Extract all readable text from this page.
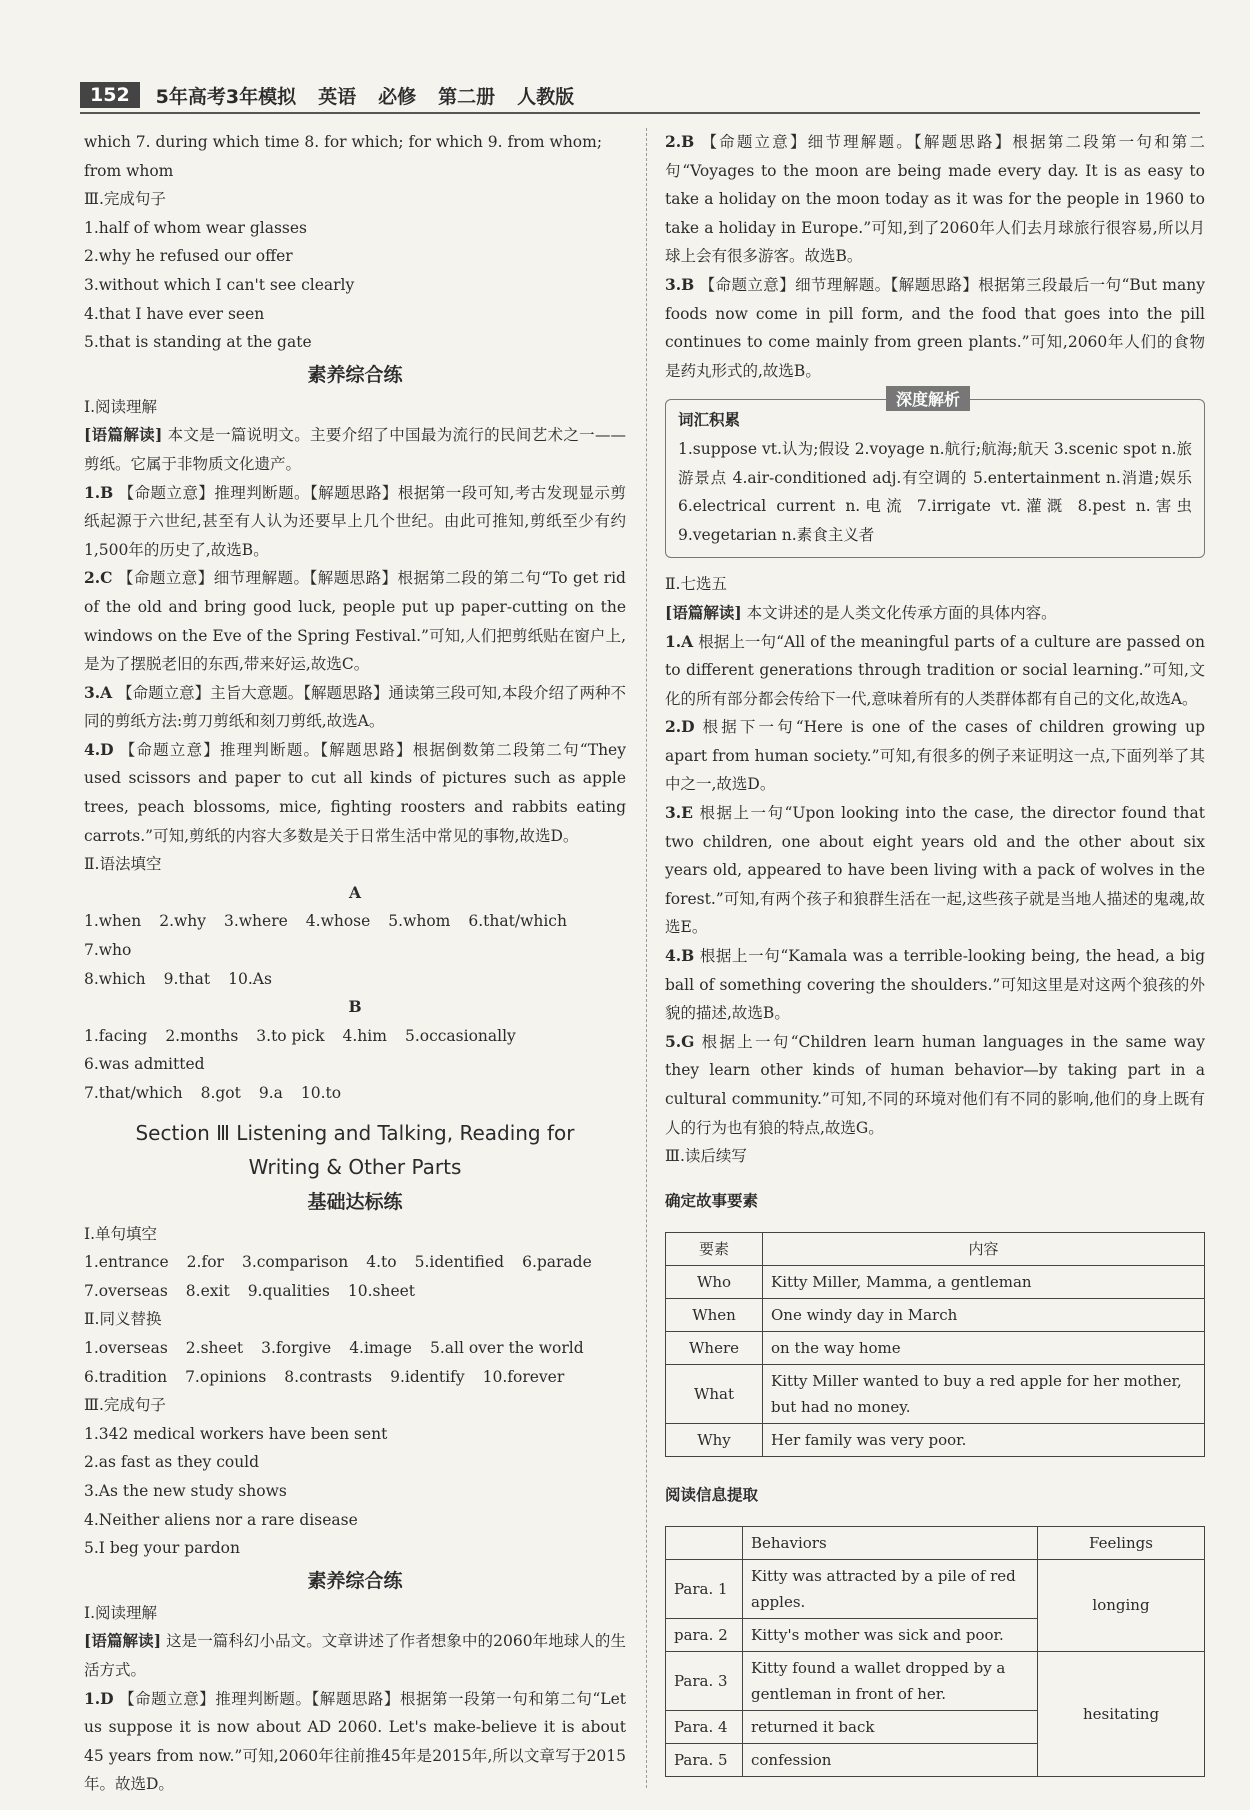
152	5年高考3年模拟 英语 必修 第二册 人教版

which 7. during which time 8. for which; for which 9. from whom;

from whom

Ⅲ.完成句子

1.half of whom wear glasses

2.why he refused our offer

3.without which I can't see clearly

4.that I have ever seen

5.that is standing at the gate

素养综合练

Ⅰ.阅读理解

[语篇解读] 本文是一篇说明文。主要介绍了中国最为流行的民间艺术之一——剪纸。它属于非物质文化遗产。

1.B 【命题立意】推理判断题。【解题思路】根据第一段可知,考古发现显示剪纸起源于六世纪,甚至有人认为还要早上几个世纪。由此可推知,剪纸至少有约1,500年的历史了,故选B。

2.C 【命题立意】细节理解题。【解题思路】根据第二段的第二句“To get rid of the old and bring good luck, people put up paper-cutting on the windows on the Eve of the Spring Festival.”可知,人们把剪纸贴在窗户上,是为了摆脱老旧的东西,带来好运,故选C。

3.A 【命题立意】主旨大意题。【解题思路】通读第三段可知,本段介绍了两种不同的剪纸方法:剪刀剪纸和刻刀剪纸,故选A。

4.D 【命题立意】推理判断题。【解题思路】根据倒数第二段第二句“They used scissors and paper to cut all kinds of pictures such as apple trees, peach blossoms, mice, fighting roosters and rabbits eating carrots.”可知,剪纸的内容大多数是关于日常生活中常见的事物,故选D。

Ⅱ.语法填空

A

1.when 2.why 3.where 4.whose 5.whom 6.that/which
7.who
8.which 9.that 10.As

B

1.facing 2.months 3.to pick 4.him 5.occasionally
6.was admitted
7.that/which 8.got 9.a 10.to
Section Ⅲ Listening and Talking, Reading for
Writing & Other Parts
基础达标练

Ⅰ.单句填空

1.entrance 2.for 3.comparison 4.to 5.identified 6.parade
7.overseas 8.exit 9.qualities 10.sheet

Ⅱ.同义替换

1.overseas 2.sheet 3.forgive 4.image 5.all over the world
6.tradition 7.opinions 8.contrasts 9.identify 10.forever

Ⅲ.完成句子

1.342 medical workers have been sent

2.as fast as they could

3.As the new study shows

4.Neither aliens nor a rare disease

5.I beg your pardon

素养综合练

Ⅰ.阅读理解

[语篇解读] 这是一篇科幻小品文。文章讲述了作者想象中的2060年地球人的生活方式。

1.D 【命题立意】推理判断题。【解题思路】根据第一段第一句和第二句“Let us suppose it is now about AD 2060. Let's make-believe it is about 45 years from now.”可知,2060年往前推45年是2015年,所以文章写于2015年。故选D。

2.B 【命题立意】细节理解题。【解题思路】根据第二段第一句和第二句“Voyages to the moon are being made every day. It is as easy to take a holiday on the moon today as it was for the people in 1960 to take a holiday in Europe.”可知,到了2060年人们去月球旅行很容易,所以月球上会有很多游客。故选B。

3.B 【命题立意】细节理解题。【解题思路】根据第三段最后一句“But many foods now come in pill form, and the food that goes into the pill continues to come mainly from green plants.”可知,2060年人们的食物是药丸形式的,故选B。

深度解析

词汇积累

1.suppose vt.认为;假设 2.voyage n.航行;航海;航天 3.scenic spot n.旅游景点 4.air-conditioned adj.有空调的 5.entertainment n.消遣;娱乐 6.electrical current n.电流 7.irrigate vt.灌溉 8.pest n.害虫 9.vegetarian n.素食主义者

Ⅱ.七选五

[语篇解读] 本文讲述的是人类文化传承方面的具体内容。

1.A 根据上一句“All of the meaningful parts of a culture are passed on to different generations through tradition or social learning.”可知,文化的所有部分都会传给下一代,意味着所有的人类群体都有自己的文化,故选A。

2.D 根据下一句“Here is one of the cases of children growing up apart from human society.”可知,有很多的例子来证明这一点,下面列举了其中之一,故选D。

3.E 根据上一句“Upon looking into the case, the director found that two children, one about eight years old and the other about six years old, appeared to have been living with a pack of wolves in the forest.”可知,有两个孩子和狼群生活在一起,这些孩子就是当地人描述的鬼魂,故选E。

4.B 根据上一句“Kamala was a terrible-looking being, the head, a big ball of something covering the shoulders.”可知这里是对这两个狼孩的外貌的描述,故选B。

5.G 根据上一句“Children learn human languages in the same way they learn other kinds of human behavior—by taking part in a cultural community.”可知,不同的环境对他们有不同的影响,他们的身上既有人的行为也有狼的特点,故选G。

Ⅲ.读后续写

确定故事要素

要素	内容
Who	Kitty Miller, Mamma, a gentleman
When	One windy day in March
Where	on the way home
What	Kitty Miller wanted to buy a red apple for her mother, but had no money.
Why	Her family was very poor.

阅读信息提取

	Behaviors	Feelings
Para. 1	Kitty was attracted by a pile of red apples.	longing
para. 2	Kitty's mother was sick and poor.	
Para. 3	Kitty found a wallet dropped by a gentleman in front of her.	hesitating
Para. 4	returned it back	
Para. 5	confession	
